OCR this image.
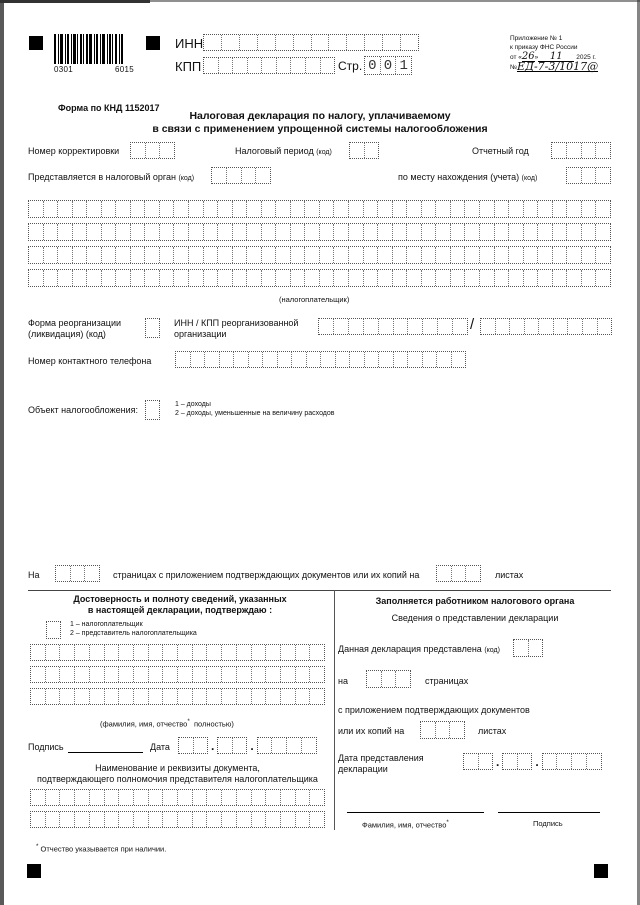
0301	6015
ИНН
КПП	Стр. 0 0 1
Приложение № 1
к приказу ФНС России
от « 26 »	11	2025 г.
№ ЕД-7-3/1017@
Форма по КНД 1152017
Налоговая декларация по налогу, уплачиваемому
в связи с применением упрощенной системы налогообложения
Номер корректировки	Налоговый период (код)	Отчетный год
Представляется в налоговый орган (код)	по месту нахождения (учета) (код)
(налогоплательщик)
Форма реорганизации
(ликвидация) (код)
ИНН / КПП реорганизованной
организации
/
Номер контактного телефона
Объект налогообложения:
1 – доходы
2 – доходы, уменьшенные на величину расходов
На	страницах с приложением подтверждающих документов или их копий на	листах
Достоверность и полноту сведений, указанных
в настоящей декларации, подтверждаю :
1 – налогоплательщик
2 – представитель налогоплательщика
(фамилия, имя, отчество* полностью)
Подпись	Дата	.	.
Наименование и реквизиты документа,
подтверждающего полномочия представителя налогоплательщика
* Отчество указывается при наличии.
Заполняется работником налогового органа
Сведения о представлении декларации
Данная декларация представлена (код)
на	страницах
с приложением подтверждающих документов
или их копий на	листах
Дата представления
декларации
.	.
Фамилия, имя, отчество*	Подпись
